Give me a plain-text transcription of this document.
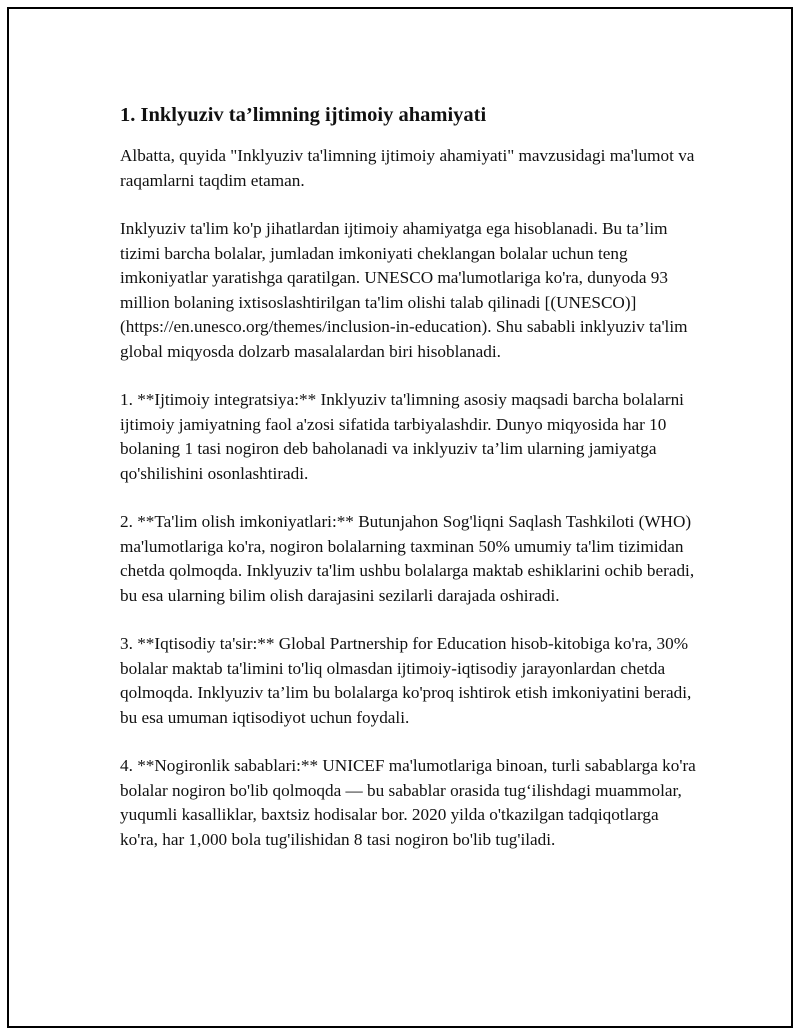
1. Inklyuziv ta’limning ijtimoiy ahamiyati

Albatta, quyida "Inklyuziv ta'limning ijtimoiy ahamiyati" mavzusidagi ma'lumot va raqamlarni taqdim etaman.

Inklyuziv ta'lim ko'p jihatlardan ijtimoiy ahamiyatga ega hisoblanadi. Bu ta’lim tizimi barcha bolalar, jumladan imkoniyati cheklangan bolalar uchun teng imkoniyatlar yaratishga qaratilgan. UNESCO ma'lumotlariga ko'ra, dunyoda 93 million bolaning ixtisoslashtirilgan ta'lim olishi talab qilinadi [(UNESCO)](https://en.unesco.org/themes/inclusion-in-education). Shu sababli inklyuziv ta'lim global miqyosda dolzarb masalalardan biri hisoblanadi.

1. **Ijtimoiy integratsiya:** Inklyuziv ta'limning asosiy maqsadi barcha bolalarni ijtimoiy jamiyatning faol a'zosi sifatida tarbiyalashdir. Dunyo miqyosida har 10 bolaning 1 tasi nogiron deb baholanadi va inklyuziv ta’lim ularning jamiyatga qo'shilishini osonlashtiradi.

2. **Ta'lim olish imkoniyatlari:** Butunjahon Sog'liqni Saqlash Tashkiloti (WHO) ma'lumotlariga ko'ra, nogiron bolalarning taxminan 50% umumiy ta'lim tizimidan chetda qolmoqda. Inklyuziv ta'lim ushbu bolalarga maktab eshiklarini ochib beradi, bu esa ularning bilim olish darajasini sezilarli darajada oshiradi.

3. **Iqtisodiy ta'sir:** Global Partnership for Education hisob-kitobiga ko'ra, 30% bolalar maktab ta'limini to'liq olmasdan ijtimoiy-iqtisodiy jarayonlardan chetda qolmoqda. Inklyuziv ta’lim bu bolalarga ko'proq ishtirok etish imkoniyatini beradi, bu esa umuman iqtisodiyot uchun foydali.

4. **Nogironlik sabablari:** UNICEF ma'lumotlariga binoan, turli sabablarga ko'ra bolalar nogiron bo'lib qolmoqda — bu sabablar orasida tug‘ilishdagi muammolar, yuqumli kasalliklar, baxtsiz hodisalar bor. 2020 yilda o'tkazilgan tadqiqotlarga ko'ra, har 1,000 bola tug'ilishidan 8 tasi nogiron bo'lib tug'iladi.
